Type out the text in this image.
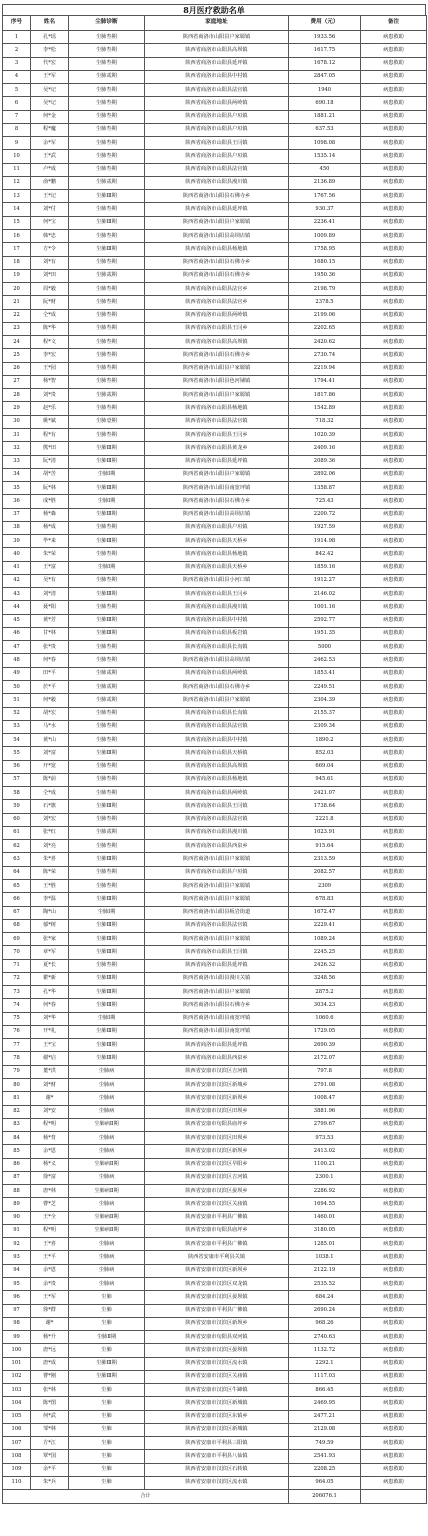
8月医疗救助名单
序号	姓名	尘肺诊断	家庭地址	费用（元）	备注
1	孔*瑶	尘肺叁期	陕西省商洛市山阳县户家塬镇	1933.56	病患救助
2	李*松	尘肺叁期	陕西省商洛市山阳县高坝镇	1617.75	病患救助
3	代*宏	尘肺叁期	陕西省商洛市山阳县延坪镇	1678.12	病患救助
4	王*军	尘肺贰期	陕西省商洛市山阳县中村镇	2847.05	病患救助
5	吴*记	尘肺叁期	陕西省商洛市山阳县法官镇	1940	病患救助
6	吴*记	尘肺叁期	陕西省商洛市山阳县两岭镇	690.18	病患救助
7	何*金	尘肺叁期	陕西省商洛市山阳县户垣镇	1881.21	病患救助
8	程*魔	尘肺叁期	陕西省商洛市山阳县户垣镇	637.53	病患救助
9	余*军	尘肺叁期	陕西省商洛市山阳县王闫镇	1098.08	病患救助
10	王*武	尘肺叁期	陕西省商洛市山阳县户垣镇	1535.14	病患救助
11	卢*成	尘肺叁期	陕西省商洛市山阳县法官镇	450	病患救助
12	俞*鹏	尘肺贰期	陕西省商洛市山阳县漫川镇	2136.89	病患救助
13	王*记	尘肺Ⅲ期	陕西省商洛市山阳县石佛寺乡	1767.56	病患救助
14	刘*付	尘肺叁期	陕西省商洛市山阳县延坪镇	930.37	病患救助
15	何*宝	尘肺Ⅲ期	陕西省商洛市山阳县户家塬镇	2236.41	病患救助
16	韩*忠	尘肺叁期	陕西省商洛市山阳县高坝店镇	1009.89	病患救助
17	方*令	尘肺Ⅲ期	陕西省商洛市山阳县杨地镇	1758.95	病患救助
18	刘*有	尘肺叁期	陕西省商洛市山阳县石佛寺乡	1680.15	病患救助
19	刘*田	尘肺贰期	陕西省商洛市山阳县石佛寺乡	1950.36	病患救助
20	周*毅	尘肺叁期	陕西省商洛市山阳县法官乡	2198.79	病患救助
21	阮*财	尘肺叁期	陕西省商洛市山阳县法官乡	2378.5	病患救助
22	仝*成	尘肺叁期	陕西省商洛市山阳县两岭镇	2199.06	病患救助
23	陈*华	尘肺叁期	陕西省商洛市山阳县王闫乡	2202.65	病患救助
24	程*文	尘肺叁期	陕西省商洛市山阳县高坝镇	2420.62	病患救助
25	李*宏	尘肺叁期	陕西省商洛市山阳县石佛寺乡	2730.74	病患救助
26	王*园	尘肺叁期	陕西省商洛市山阳县户家塬镇	2219.94	病患救助
27	杨*智	尘肺叁期	陕西省商洛市山阳县色河铺镇	1794.41	病患救助
28	刘*贵	尘肺贰期	陕西省商洛市山阳县户家塬镇	1817.86	病患救助
29	赵*乐	尘肺叁期	陕西省商洛市山阳县杨地镇	1542.89	病患救助
30	姚*斌	尘肺壹期	陕西省商洛市山阳县法官镇	718.32	病患救助
31	程*有	尘肺叁期	陕西省商洛市山阳县王闫乡	1020.39	病患救助
32	熊*田	尘肺Ⅲ期	陕西省商洛市山阳县黄龙乡	2409.16	病患救助
33	阮*清	尘肺Ⅲ期	陕西省商洛市山阳县延坪镇	2089.36	病患救助
34	胡*苦	尘肺Ⅰ期	陕西省商洛市山阳县户家塬镇	2892.06	病患救助
35	阮*林	尘肺Ⅲ期	陕西省商洛市山阳县南宽坪镇	1358.87	病患救助
36	成*胜	尘肺Ⅰ期	陕西省商洛市山阳县石佛寺乡	725.43	病患救助
37	杨*森	尘肺Ⅲ期	陕西省商洛市山阳县高坝店镇	2200.72	病患救助
38	杨*成	尘肺叁期	陕西省商洛市山阳县户垣镇	1927.59	病患救助
39	毕*来	尘肺Ⅲ期	陕西省商洛市山阳县天桥乡	1914.98	病患救助
40	朱*荣	尘肺叁期	陕西省商洛市山阳县杨地镇	842.42	病患救助
41	王*富	尘肺Ⅰ期	陕西省商洛市山阳县天桥乡	1859.16	病患救助
42	吴*有	尘肺叁期	陕西省商洛市山阳县小河口镇	1912.27	病患救助
43	刘*清	尘肺Ⅲ期	陕西省商洛市山阳县王闫乡	2146.02	病患救助
44	聂*阳	尘肺叁期	陕西省商洛市山阳县漫川镇	1001.16	病患救助
45	黄*芳	尘肺Ⅲ期	陕西省商洛市山阳县中村镇	2592.77	病患救助
46	甘*林	尘肺Ⅲ期	陕西省商洛市山阳县板岩镇	1951.35	病患救助
47	张*贵	尘肺叁期	陕西省商洛市山阳县长沟镇	5000	病患救助
48	何*春	尘肺叁期	陕西省商洛市山阳县高坝店镇	2462.53	病患救助
49	田*平	尘肺贰期	陕西省商洛市山阳县两岭镇	1853.41	病患救助
50	於*平	尘肺贰期	陕西省商洛市山阳县石佛寺乡	2249.51	病患救助
51	何*毅	尘肺贰期	陕西省商洛市山阳县户家塬镇	2304.39	病患救助
52	胡*宏	尘肺叁期	陕西省商洛市山阳县长沟镇	2155.37	病患救助
53	马*水	尘肺叁期	陕西省商洛市山阳县法官镇	2309.34	病患救助
54	黄*山	尘肺叁期	陕西省商洛市山阳县中村镇	1890.2	病患救助
55	刘*富	尘肺Ⅲ期	陕西省商洛市山阳县天桥镇	852.03	病患救助
56	开*宽	尘肺叁期	陕西省商洛市山阳县高坝镇	669.04	病患救助
57	陈*前	尘肺叁期	陕西省商洛市山阳县杨地镇	945.61	病患救助
58	仝*成	尘肺叁期	陕西省商洛市山阳县两岭镇	2421.07	病患救助
59	石*旗	尘肺Ⅲ期	陕西省商洛市山阳县王闫镇	1738.64	病患救助
60	刘*宏	尘肺叁期	陕西省商洛市山阳县法官镇	2221.8	病患救助
61	张*红	尘肺贰期	陕西省商洛市山阳县漫川镇	1023.91	病患救助
62	刘*亮	尘肺叁期	陕西省商洛市山阳县西泉乡	915.64	病患救助
63	朱*喜	尘肺Ⅲ期	陕西省商洛市山阳县户家塬镇	2313.59	病患救助
64	陈*荣	尘肺叁期	陕西省商洛市山阳县户垣镇	2082.57	病患救助
65	王*胜	尘肺叁期	陕西省商洛市山阳县户家塬镇	2309	病患救助
66	李*温	尘肺Ⅲ期	陕西省商洛市山阳县户家塬镇	678.83	病患救助
67	陶*山	尘肺Ⅰ期	陕西省商洛市山阳县板岩街道	1672.47	病患救助
68	郁*树	尘肺Ⅲ期	陕西省商洛市山阳县法官镇	2229.41	病患救助
69	张*家	尘肺Ⅲ期	陕西省商洛市山阳县户家塬镇	1089.24	病患救助
70	章*军	尘肺Ⅲ期	陕西省商洛市山阳县王闫镇	2245.25	病患救助
71	夏*长	尘肺叁期	陕西省商洛市山阳县延坪镇	2426.32	病患救助
72	瞿*新	尘肺Ⅲ期	陕西省商洛市山阳县漫川关镇	3248.56	病患救助
73	孔*华	尘肺Ⅲ期	陕西省商洛市山阳县户家塬镇	2875.2	病患救助
74	何*春	尘肺Ⅲ期	陕西省商洛市山阳县石佛寺乡	3034.23	病患救助
75	刘*华	尘肺Ⅰ期	陕西省商洛市山阳县南宽坪镇	1060.6	病患救助
76	开*礼	尘肺Ⅲ期	陕西省商洛市山阳县南宽坪镇	1729.05	病患救助
77	王*宝	尘肺Ⅲ期	陕西省商洛市山阳县延坪镇	2690.39	病患救助
78	谢*启	尘肺Ⅲ期	陕西省商洛市山阳县西泉乡	2172.07	病患救助
79	董*洪	尘肺病	陕西省安康市汉滨区吉河镇	797.8	病患救助
80	刘*财	尘肺病	陕西省安康市汉滨区新城乡	2791.08	病患救助
81	谢*	尘肺病	陕西省安康市汉滨区新坝乡	1008.47	病患救助
82	刘*安	尘肺病	陕西省安康市汉滨区田坝乡	3881.96	病患救助
83	程*明	尘肺病Ⅱ期	陕西省安康市旬阳县庙坪乡	2799.67	病患救助
84	杨*育	尘肺病	陕西省安康市汉滨区田坝乡	973.53	病患救助
85	余*恩	尘肺病	陕西省安康市汉滨区新坝乡	2413.02	病患救助
86	杨*义	尘肺病Ⅱ期	陕西省安康市汉滨区早阳乡	1100.21	病患救助
87	徐*富	尘肺病	陕西省安康市汉滨区吉河镇	2300.1	病患救助
88	唐*林	尘肺病Ⅱ期	陕西省安康市汉滨区晏坝乡	2286.92	病患救助
89	曹*芝	尘肺病	陕西省安康市汉滨区关庙镇	1694.55	病患救助
90	王*全	尘肺病Ⅱ期	陕西省安康市平利县广佛镇	1460.01	病患救助
91	程*明	尘肺病Ⅱ期	陕西省安康市旬阳县庙坪乡	3180.05	病患救助
92	王*喜	尘肺病	陕西省安康市平利县广佛镇	1285.01	病患救助
93	王*平	尘肺病	陕西省安康市平利县关镇	1038.1	病患救助
94	余*恩	尘肺病	陕西省安康市汉滨区新坝乡	2122.19	病患救助
95	余*贵	尘肺病	陕西省安康市汉滨区双龙镇	2535.52	病患救助
96	王*军	尘肺	陕西省安康市汉滨区晏坝镇	684.24	病患救助
97	徐*群	尘肺	陕西省安康市平利县广佛镇	2690.24	病患救助
98	谢*	尘肺	陕西省安康市汉滨区新坝乡	968.26	病患救助
99	杨*升	尘肺Ⅱ期	陕西省安康市旬阳县双河镇	2740.63	病患救助
100	唐*远	尘肺	陕西省安康市汉滨区晏坝镇	1132.72	病患救助
101	唐*成	尘肺Ⅲ期	陕西省安康市汉滨区流水镇	2292.1	病患救助
102	曹*刚	尘肺Ⅲ期	陕西省安康市汉滨区关庙镇	1117.03	病患救助
103	张*林	尘肺	陕西省安康市汉滨区牛蹄镇	866.45	病患救助
104	陈*图	尘肺	陕西省安康市汉滨区新城镇	2469.95	病患救助
105	何*武	尘肺	陕西省安康市汉滨区东镇乡	2477.21	病患救助
106	邹*林	尘肺	陕西省安康市汉滨区新城镇	2129.08	病患救助
107	方*江	尘肺	陕西省安康市平利县三阳镇	749.59	病患救助
108	覃*国	尘肺	陕西省安康市平利县八仙镇	2541.93	病患救助
109	余*平	尘肺	陕西省安康市汉滨区石转镇	2208.25	病患救助
110	朱*兵	尘肺	陕西省安康市汉滨区流水镇	964.05	病患救助
合计				206076.1	
